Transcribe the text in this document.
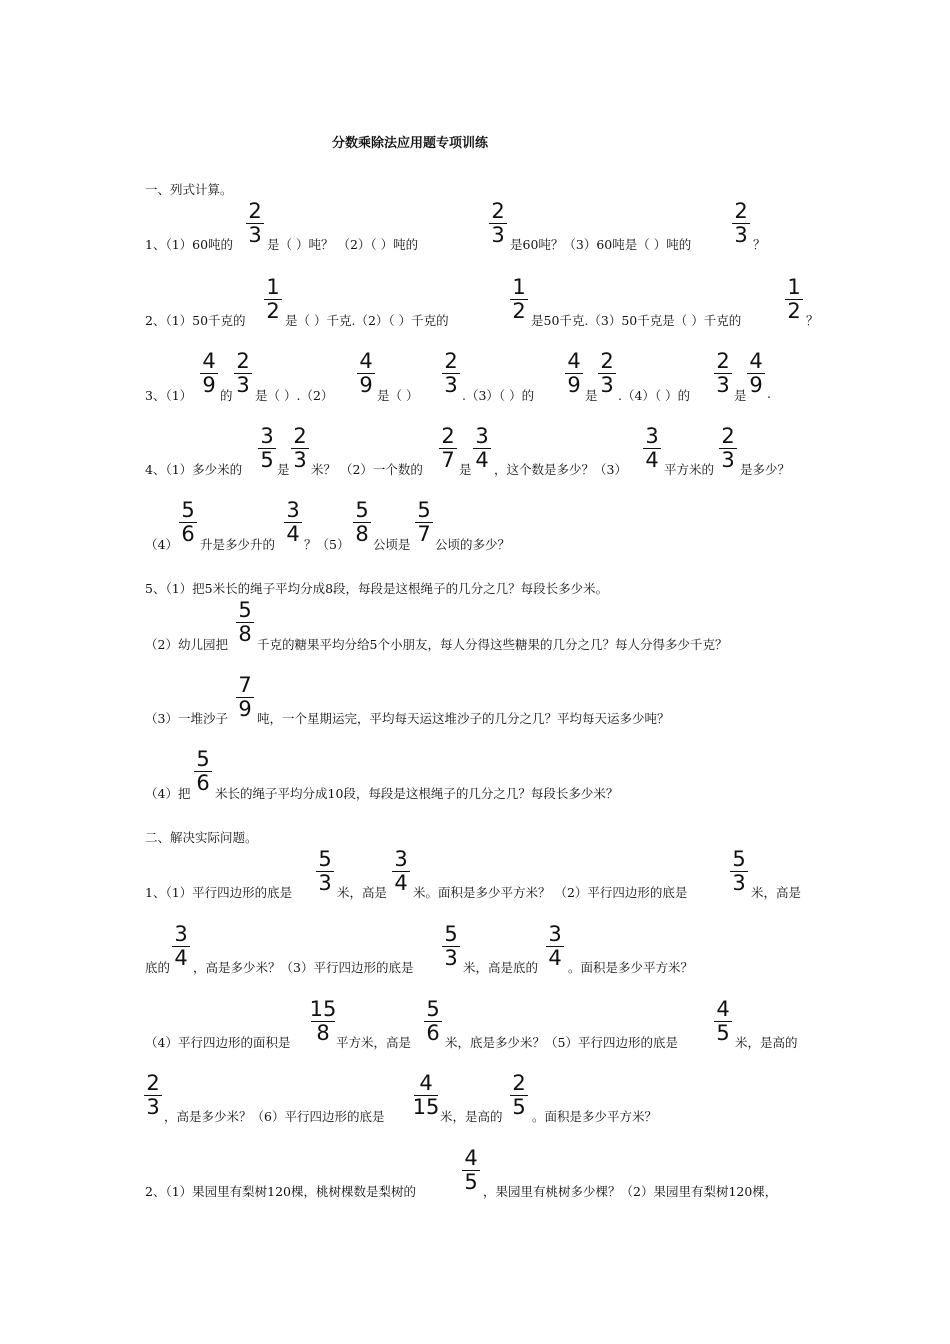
分数乘除法应用题专项训练
一、列式计算。
1、（1）60吨的
2
3 是（ ）吨？ （2）（ ）吨的
2
3 是60吨？（3）60吨是（ ）吨的
2
3 ？
2、（1）50千克的
1
2 是（ ）千克.（2）（ ）千克的
1
2 是50千克.（3）50千克是（ ）千克的
1
2 ？
3、（1）
4
9 的
2
3 是（ ）.（2）
4
9 是（ ）
2
3 .（3）（ ）的
4
9 是
2
3 .（4）（ ）的
2
3 是
4
9 .
4、（1）多少米的
3
5 是
2
3 米？ （2）一个数的
2
7 是
3
4 ，这个数是多少？（3）
3
4 平方米的
2
3 是多少？
（4）
5
6 升是多少升的
3
4 ？（5）
5
8 公顷是
5
7 公顷的多少？
5、（1）把5米长的绳子平均分成8段，每段是这根绳子的几分之几？每段长多少米。
（2）幼儿园把
5
8 千克的糖果平均分给5个小朋友，每人分得这些糖果的几分之几？每人分得多少千克？
（3）一堆沙子
7
9 吨，一个星期运完，平均每天运这堆沙子的几分之几？平均每天运多少吨？
（4）把
5
6 米长的绳子平均分成10段，每段是这根绳子的几分之几？每段长多少米？
二、解决实际问题。
1、（1）平行四边形的底是
5
3 米，高是
3
4 米。面积是多少平方米？ （2）平行四边形的底是
5
3 米，高是
底的
3
4 ，高是多少米？（3）平行四边形的底是
5
3 米，高是底的
3
4 。面积是多少平方米？
（4）平行四边形的面积是
15
8 平方米，高是
5
6 米，底是多少米？（5）平行四边形的底是
4
5 米，是高的
2
3 ，高是多少米？（6）平行四边形的底是
4
15 米，是高的
2
5 。面积是多少平方米？
2、（1）果园里有梨树120棵，桃树棵数是梨树的
4
5 ，果园里有桃树多少棵？（2）果园里有梨树120棵，
